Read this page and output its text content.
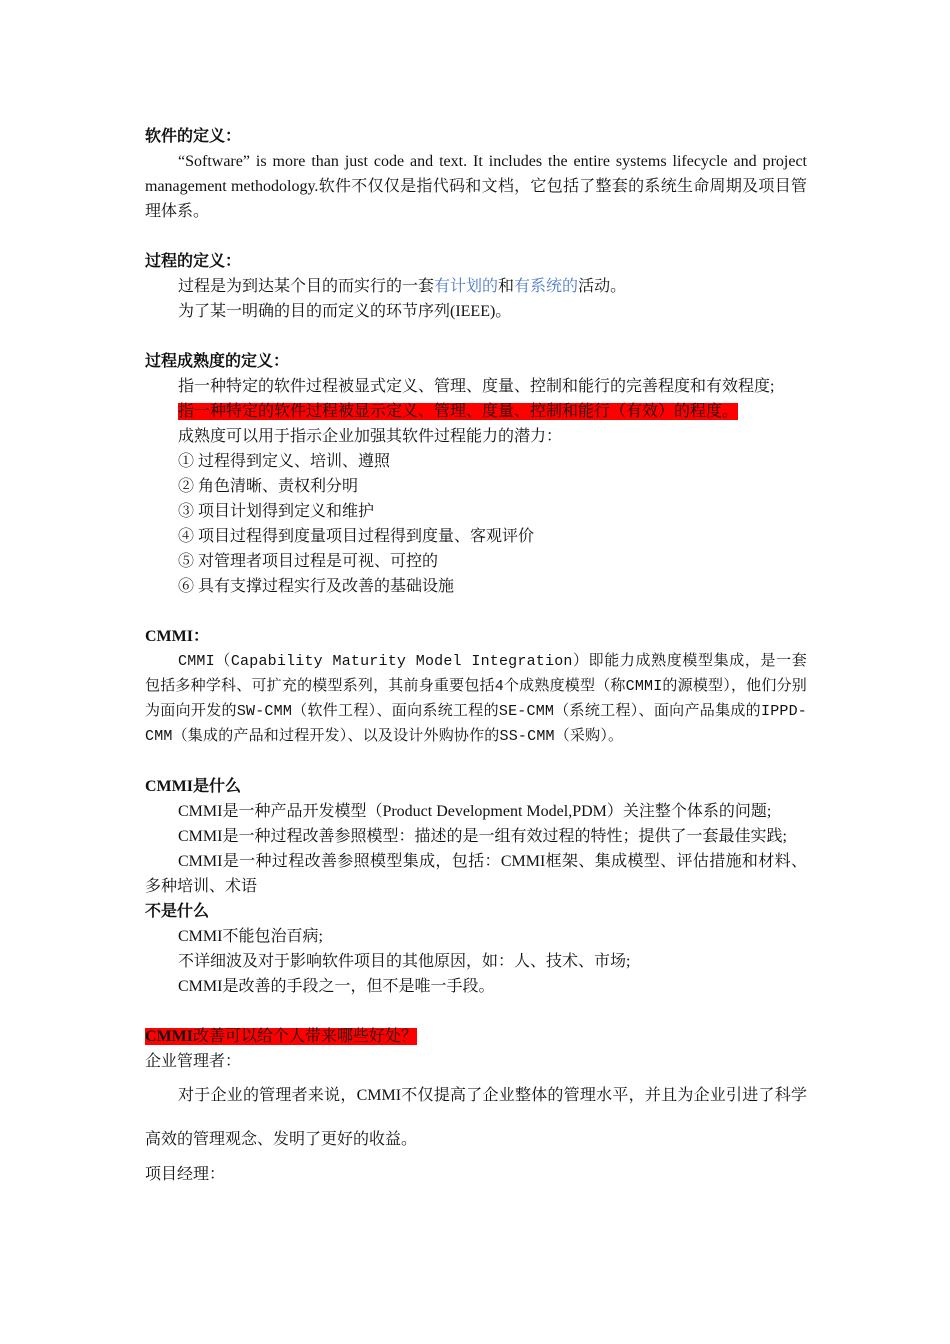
软件的定义：

“Software” is more than just code and text. It includes the entire systems lifecycle and project management methodology.软件不仅仅是指代码和文档，它包括了整套的系统生命周期及项目管理体系。

过程的定义：

过程是为到达某个目的而实行的一套有计划的和有系统的活动。

为了某一明确的目的而定义的环节序列(IEEE)。

过程成熟度的定义：

指一种特定的软件过程被显式定义、管理、度量、控制和能行的完善程度和有效程度;

指一种特定的软件过程被显示定义、管理、度量、控制和能行（有效）的程度。

成熟度可以用于指示企业加强其软件过程能力的潜力：

① 过程得到定义、培训、遵照

② 角色清晰、责权利分明

③ 项目计划得到定义和维护

④ 项目过程得到度量项目过程得到度量、客观评价

⑤ 对管理者项目过程是可视、可控的

⑥ 具有支撑过程实行及改善的基础设施

CMMI：

CMMI（Capability Maturity Model Integration）即能力成熟度模型集成，是一套包括多种学科、可扩充的模型系列，其前身重要包括4个成熟度模型（称CMMI的源模型），他们分别为面向开发的SW-CMM（软件工程）、面向系统工程的SE-CMM（系统工程）、面向产品集成的IPPD-CMM（集成的产品和过程开发）、以及设计外购协作的SS-CMM（采购）。

CMMI是什么

CMMI是一种产品开发模型（Product Development Model,PDM）关注整个体系的问题;

CMMI是一种过程改善参照模型：描述的是一组有效过程的特性；提供了一套最佳实践;

CMMI是一种过程改善参照模型集成，包括：CMMI框架、集成模型、评估措施和材料、多种培训、术语

不是什么

CMMI不能包治百病;

不详细波及对于影响软件项目的其他原因，如：人、技术、市场;

CMMI是改善的手段之一，但不是唯一手段。

CMMI改善可以给个人带来哪些好处？

企业管理者：

对于企业的管理者来说，CMMI不仅提高了企业整体的管理水平，并且为企业引进了科学高效的管理观念、发明了更好的收益。

项目经理：
